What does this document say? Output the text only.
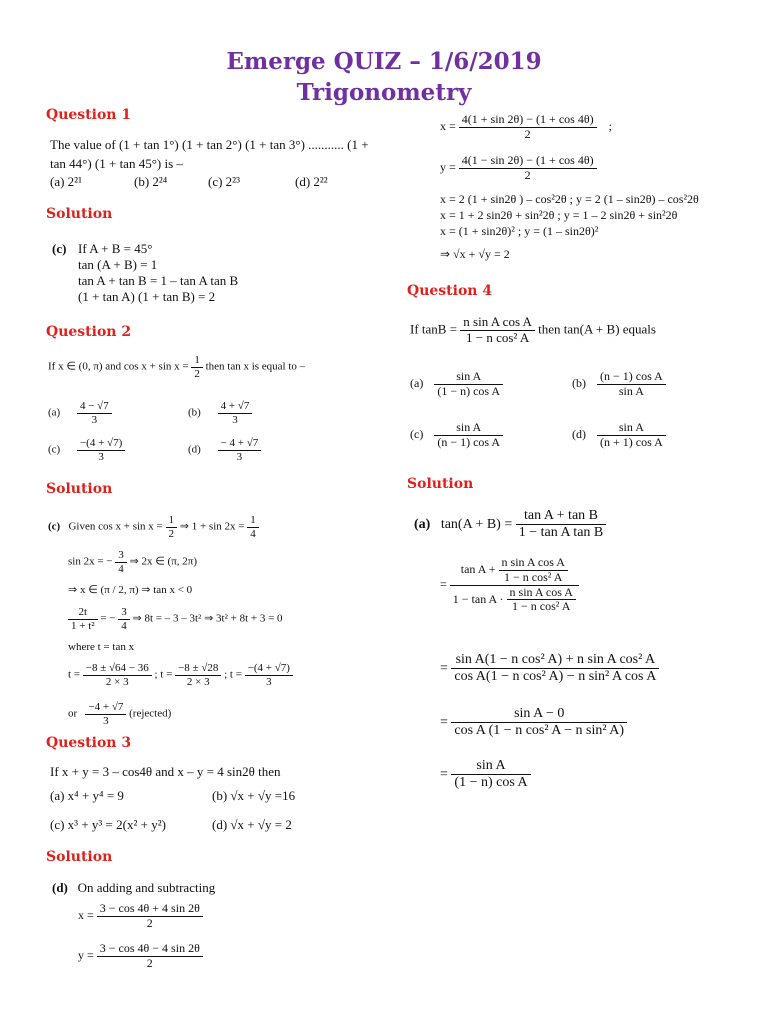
Emerge QUIZ – 1/6/2019
Trigonometry
Question 1
The value of (1 + tan 1°) (1 + tan 2°) (1 + tan 3°) ........... (1 +
tan 44°) (1 + tan 45°) is –
(a) 2²¹	(b) 2²⁴	(c) 2²³	(d) 2²²
Solution
(c) If A + B = 45°
tan (A + B) = 1
tan A + tan B = 1 – tan A tan B
(1 + tan A) (1 + tan B) = 2
Question 2
If x ∈ (0, π) and $\cos x + \sin x = \frac{1}{2}$ then tan x is equal to –
$(a) \frac{4 - √7}{3}$	$(b) \frac{4 + √7}{3}$
$(c) \frac{-(4 + √7)}{3}$	$(d) \frac{- 4 + √7}{3}$
Solution
(c) Given $\cos x + \sin x = \frac{1}{2}$ ⇒ $1 + \sin 2x = \frac{1}{4}$
sin 2x = − $\frac{3}{4}$ ⇒ 2x ∈ (π, 2π)
⇒ x ∈ (π / 2, π) ⇒ tan x < 0
$\frac{2t}{\text{1 + t²}}$ = − $\frac{3}{4}$ ⇒ 8t = – 3 – 3t² ⇒ 3t² + 8t + 3 = 0
where t = tan x
$t = \frac{-8 \pm √64 - 36}{2 \times 3}$ ; $t = \frac{-8 \pm √28}{2 \times 3}$ ; $t = \frac{-(4 + √7)}{3}$
or $\frac{-4 + √7}{3}$ (rejected)
Question 3
If x + y = 3 – cos4θ and x – y = 4 sin2θ then
(a) x⁴ + y⁴ = 9	(b) √x + √y =16
(c) x³ + y³ = 2(x² + y²)	(d) √x + √y = 2
Solution
(d) On adding and subtracting
$x = \frac{3 - \cos 4\theta + 4 \sin 2\theta}{2}$
$y = \frac{3 - \cos 4\theta - 4 \sin 2\theta}{2}$
$x = \frac{4(1 + \sin 2\theta) - (1 + \cos 4\theta)}{2}$ ;
$y = \frac{4(1 - \sin 2\theta) - (1 + \cos 4\theta)}{2}$
x = 2 (1 + sin2θ ) – cos²2θ ; y = 2 (1 – sin2θ) – cos²2θ
x = 1 + 2 sin2θ + sin²2θ ; y = 1 – 2 sin2θ + sin²2θ
x = (1 + sin2θ)² ; y = (1 – sin2θ)²
⇒ √x + √y = 2
Question 4
If $\tan B = \frac{\text{n sin A cos A}}{\text{1 − n cos² A}}$ then tan(A + B) equals
$(a) \frac{\text{sin A}}{\text{(1 − n) cos A}}$	$(b) \frac{\text{(n − 1) cos A}}{\text{sin A}}$
$(c) \frac{\text{sin A}}{\text{(n − 1) cos A}}$	$(d) \frac{\text{sin A}}{\text{(n + 1) cos A}}$
Solution
(a) $\tan(A + B) = \frac{\text{tan A + tan B}}{\text{1 − tan A tan B}}$
= $\frac{\tan A + \frac{\text{n sin A cos A}}{\text{1 − n cos² A}}}{1 - \tan A \cdot \frac{\text{n sin A cos A}}{\text{1 − n cos² A}}}$
= $\frac{\text{sin A(1 − n cos² A) + n sin A cos² A}}{\text{cos A(1 − n cos² A) − n sin² A cos A}}$
= $\frac{\text{sin A − 0}}{\text{cos A (1 − n cos² A − n sin² A)}}$
= $\frac{\text{sin A}}{\text{(1 − n) cos A}}$
